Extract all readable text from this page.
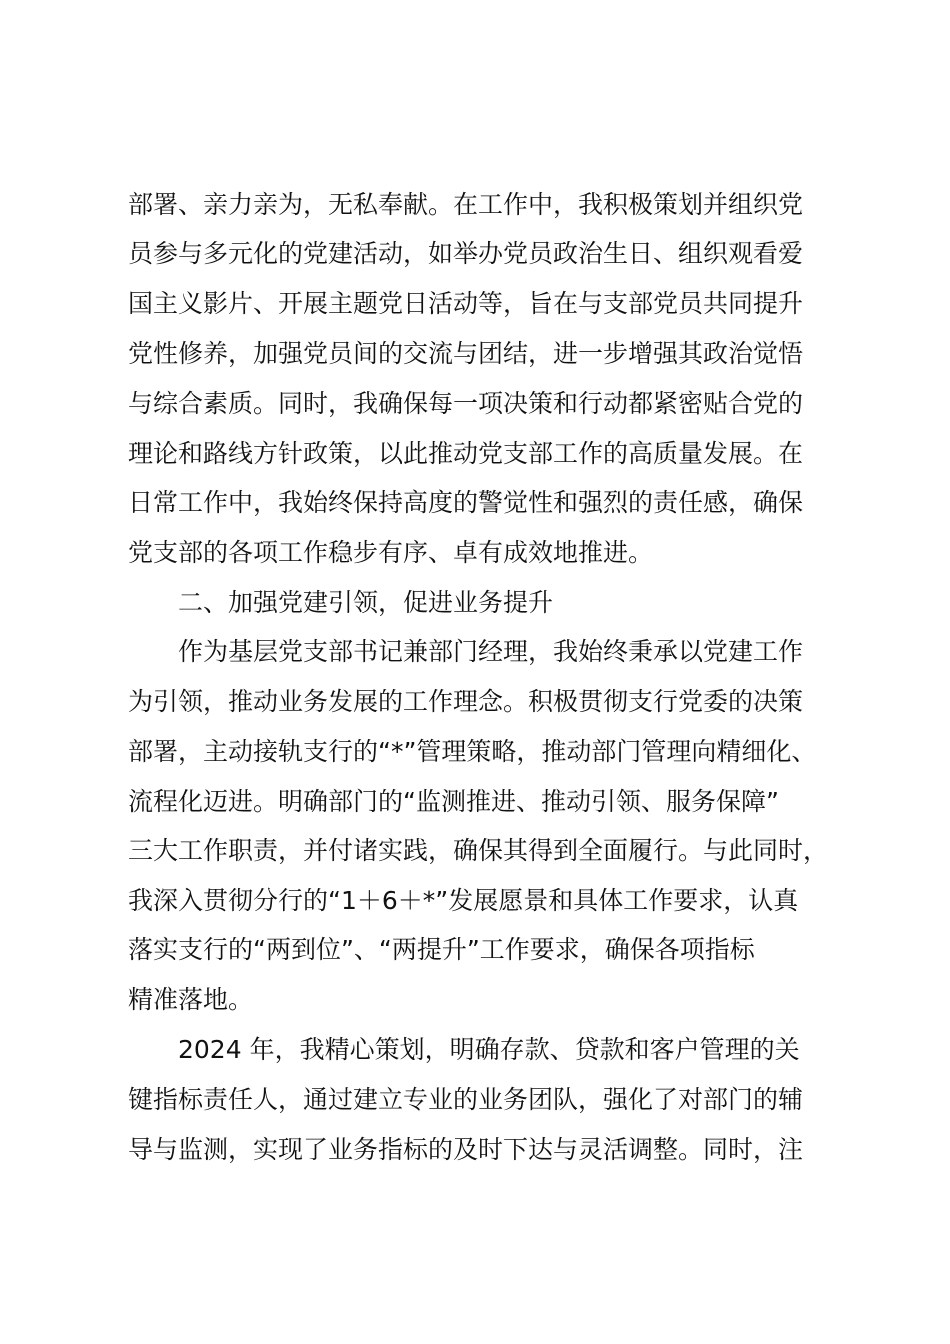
部署、亲力亲为，无私奉献。在工作中，我积极策划并组织党
员参与多元化的党建活动，如举办党员政治生日、组织观看爱
国主义影片、开展主题党日活动等，旨在与支部党员共同提升
党性修养，加强党员间的交流与团结，进一步增强其政治觉悟
与综合素质。同时，我确保每一项决策和行动都紧密贴合党的
理论和路线方针政策，以此推动党支部工作的高质量发展。在
日常工作中，我始终保持高度的警觉性和强烈的责任感，确保
党支部的各项工作稳步有序、卓有成效地推进。
二、加强党建引领，促进业务提升
作为基层党支部书记兼部门经理，我始终秉承以党建工作
为引领，推动业务发展的工作理念。积极贯彻支行党委的决策
部署，主动接轨支行的“*”管理策略，推动部门管理向精细化、
流程化迈进。明确部门的“监测推进、推动引领、服务保障”
三大工作职责，并付诸实践，确保其得到全面履行。与此同时，
我深入贯彻分行的“1＋6＋*”发展愿景和具体工作要求，认真
落实支行的“两到位”、“两提升”工作要求，确保各项指标
精准落地。
2024 年，我精心策划，明确存款、贷款和客户管理的关
键指标责任人，通过建立专业的业务团队，强化了对部门的辅
导与监测，实现了业务指标的及时下达与灵活调整。同时，注
